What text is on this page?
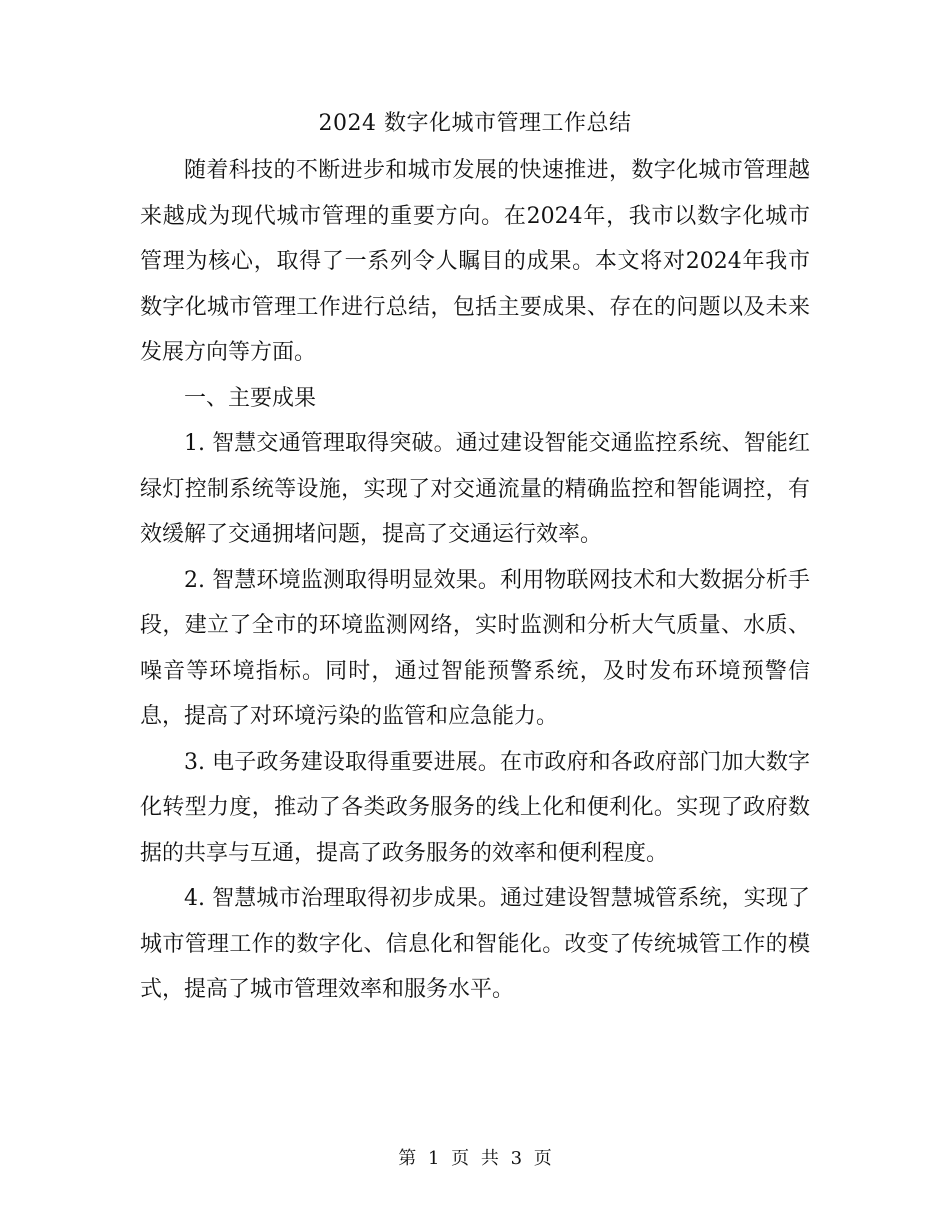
2024 数字化城市管理工作总结

随着科技的不断进步和城市发展的快速推进，数字化城市管理越来越成为现代城市管理的重要方向。在2024年，我市以数字化城市管理为核心，取得了一系列令人瞩目的成果。本文将对2024年我市数字化城市管理工作进行总结，包括主要成果、存在的问题以及未来发展方向等方面。

一、主要成果

1. 智慧交通管理取得突破。通过建设智能交通监控系统、智能红绿灯控制系统等设施，实现了对交通流量的精确监控和智能调控，有效缓解了交通拥堵问题，提高了交通运行效率。

2. 智慧环境监测取得明显效果。利用物联网技术和大数据分析手段，建立了全市的环境监测网络，实时监测和分析大气质量、水质、噪音等环境指标。同时，通过智能预警系统，及时发布环境预警信息，提高了对环境污染的监管和应急能力。

3. 电子政务建设取得重要进展。在市政府和各政府部门加大数字化转型力度，推动了各类政务服务的线上化和便利化。实现了政府数据的共享与互通，提高了政务服务的效率和便利程度。

4. 智慧城市治理取得初步成果。通过建设智慧城管系统，实现了城市管理工作的数字化、信息化和智能化。改变了传统城管工作的模式，提高了城市管理效率和服务水平。

第 1 页 共 3 页
